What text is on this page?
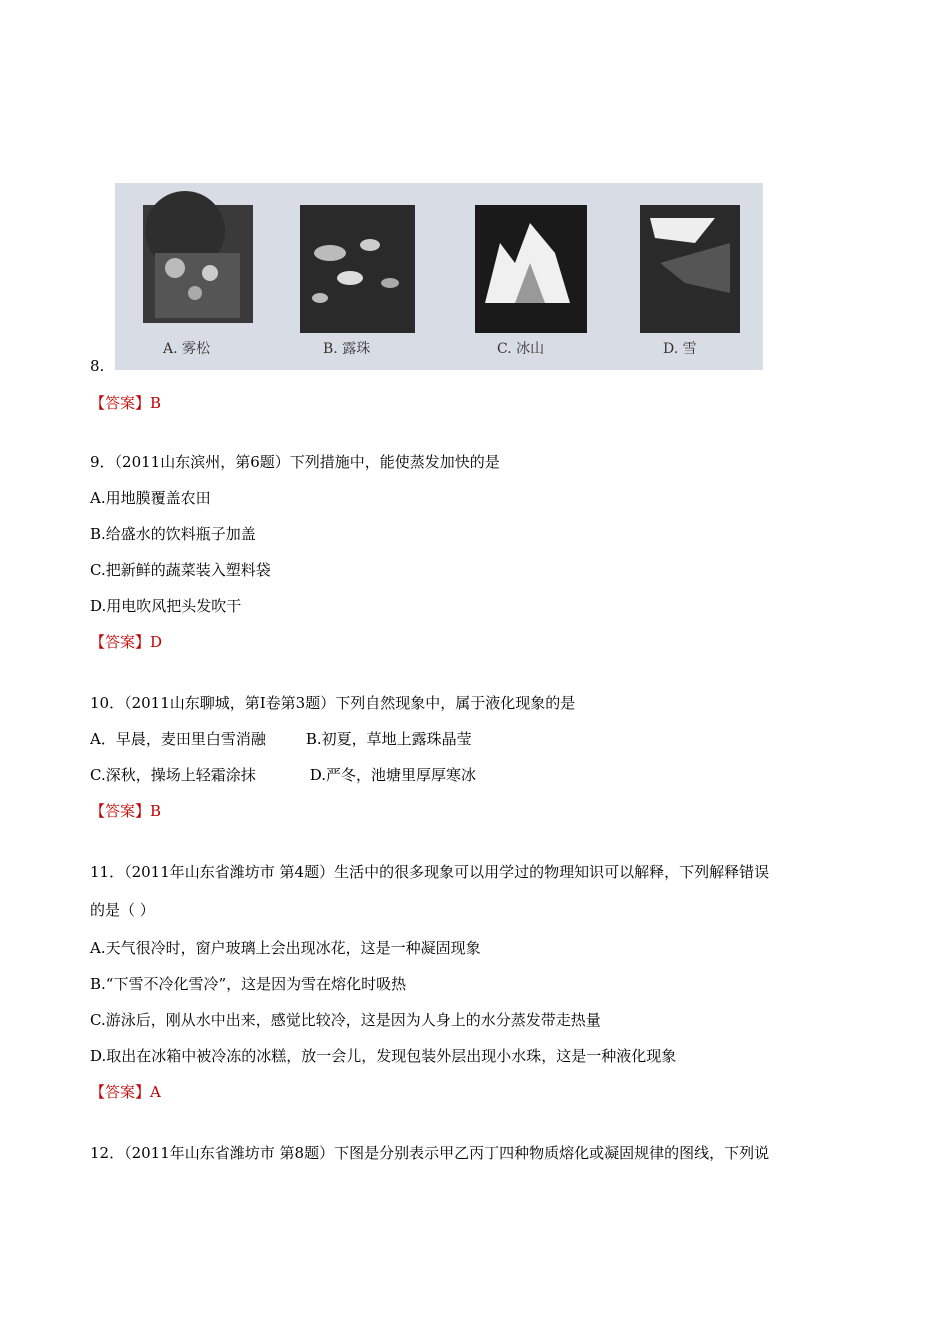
A. 雾松	B. 露珠	C. 冰山	D. 雪
8.
【答案】B
9．（2011山东滨州，第6题）下列措施中，能使蒸发加快的是
A.用地膜覆盖农田
B.给盛水的饮料瓶子加盖
C.把新鲜的蔬菜装入塑料袋
D.用电吹风把头发吹干
【答案】D
10．（2011山东聊城，第Ⅰ卷第3题）下列自然现象中，属于液化现象的是
A．早晨，麦田里白雪消融	B.初夏，草地上露珠晶莹
C.深秋，操场上轻霜涂抹	D.严冬，池塘里厚厚寒冰
【答案】B
11．（2011年山东省潍坊市 第4题）生活中的很多现象可以用学过的物理知识可以解释，下列解释错误
的是（ ）
A.天气很冷时，窗户玻璃上会出现冰花，这是一种凝固现象
B.“下雪不冷化雪冷”，这是因为雪在熔化时吸热
C.游泳后，刚从水中出来，感觉比较冷，这是因为人身上的水分蒸发带走热量
D.取出在冰箱中被冷冻的冰糕，放一会儿，发现包装外层出现小水珠，这是一种液化现象
【答案】A
12．（2011年山东省潍坊市 第8题）下图是分别表示甲乙丙丁四种物质熔化或凝固规律的图线，下列说
